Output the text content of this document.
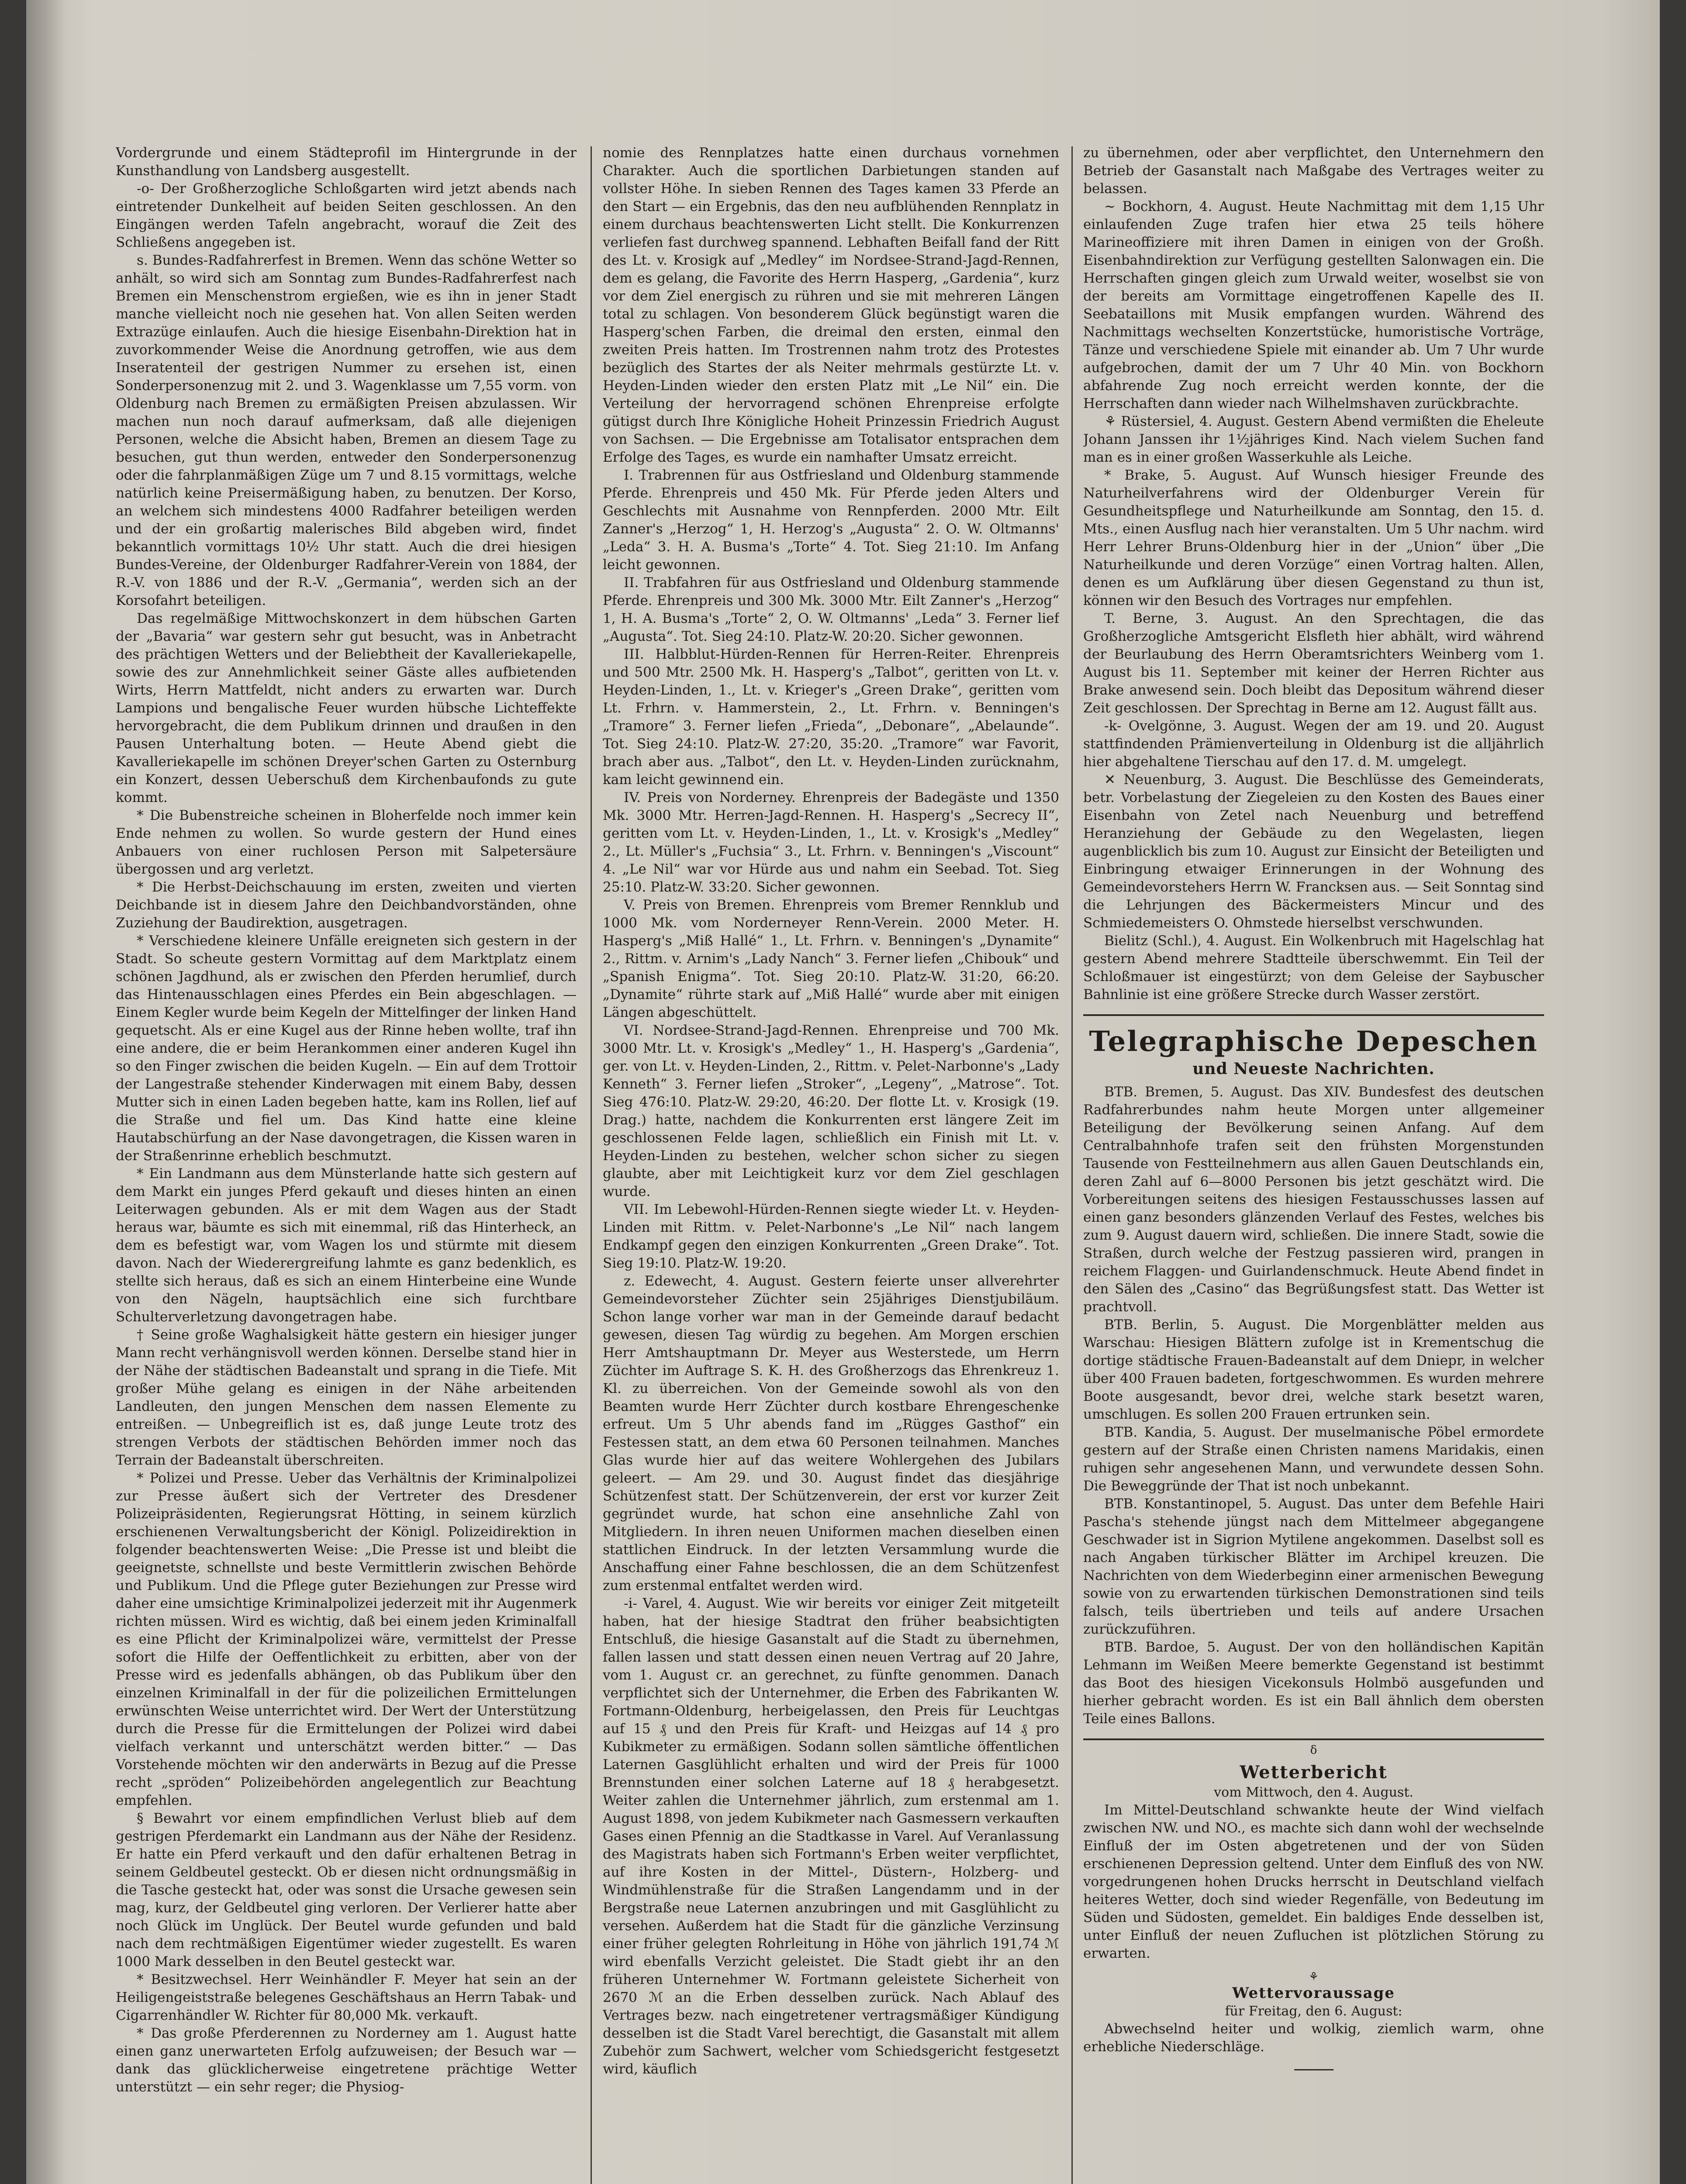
Vordergrunde und einem Städteprofil im Hintergrunde in der Kunsthandlung von Landsberg ausgestellt.

-o- Der Großherzogliche Schloßgarten wird jetzt abends nach eintretender Dunkelheit auf beiden Seiten geschlossen. An den Eingängen werden Tafeln angebracht, worauf die Zeit des Schließens angegeben ist.

s. Bundes-Radfahrerfest in Bremen. Wenn das schöne Wetter so anhält, so wird sich am Sonntag zum Bundes-Radfahrerfest nach Bremen ein Menschenstrom ergießen, wie es ihn in jener Stadt manche vielleicht noch nie gesehen hat. Von allen Seiten werden Extrazüge einlaufen. Auch die hiesige Eisenbahn-Direktion hat in zuvorkommender Weise die Anordnung getroffen, wie aus dem Inseratenteil der gestrigen Nummer zu ersehen ist, einen Sonderpersonenzug mit 2. und 3. Wagenklasse um 7,55 vorm. von Oldenburg nach Bremen zu ermäßigten Preisen abzulassen. Wir machen nun noch darauf aufmerksam, daß alle diejenigen Personen, welche die Absicht haben, Bremen an diesem Tage zu besuchen, gut thun werden, entweder den Sonderpersonenzug oder die fahrplanmäßigen Züge um 7 und 8.15 vormittags, welche natürlich keine Preisermäßigung haben, zu benutzen. Der Korso, an welchem sich mindestens 4000 Radfahrer beteiligen werden und der ein großartig malerisches Bild abgeben wird, findet bekanntlich vormittags 10½ Uhr statt. Auch die drei hiesigen Bundes-Vereine, der Oldenburger Radfahrer-Verein von 1884, der R.-V. von 1886 und der R.-V. „Germania“, werden sich an der Korsofahrt beteiligen.

Das regelmäßige Mittwochskonzert in dem hübschen Garten der „Bavaria“ war gestern sehr gut besucht, was in Anbetracht des prächtigen Wetters und der Beliebtheit der Kavalleriekapelle, sowie des zur Annehmlichkeit seiner Gäste alles aufbietenden Wirts, Herrn Mattfeldt, nicht anders zu erwarten war. Durch Lampions und bengalische Feuer wurden hübsche Lichteffekte hervorgebracht, die dem Publikum drinnen und draußen in den Pausen Unterhaltung boten. — Heute Abend giebt die Kavalleriekapelle im schönen Dreyer'schen Garten zu Osternburg ein Konzert, dessen Ueberschuß dem Kirchenbaufonds zu gute kommt.

* Die Bubenstreiche scheinen in Bloherfelde noch immer kein Ende nehmen zu wollen. So wurde gestern der Hund eines Anbauers von einer ruchlosen Person mit Salpetersäure übergossen und arg verletzt.

* Die Herbst-Deichschauung im ersten, zweiten und vierten Deichbande ist in diesem Jahre den Deichbandvorständen, ohne Zuziehung der Baudirektion, ausgetragen.

* Verschiedene kleinere Unfälle ereigneten sich gestern in der Stadt. So scheute gestern Vormittag auf dem Marktplatz einem schönen Jagdhund, als er zwischen den Pferden herumlief, durch das Hintenausschlagen eines Pferdes ein Bein abgeschlagen. — Einem Kegler wurde beim Kegeln der Mittelfinger der linken Hand gequetscht. Als er eine Kugel aus der Rinne heben wollte, traf ihn eine andere, die er beim Herankommen einer anderen Kugel ihn so den Finger zwischen die beiden Kugeln. — Ein auf dem Trottoir der Langestraße stehender Kinderwagen mit einem Baby, dessen Mutter sich in einen Laden begeben hatte, kam ins Rollen, lief auf die Straße und fiel um. Das Kind hatte eine kleine Hautabschürfung an der Nase davongetragen, die Kissen waren in der Straßenrinne erheblich beschmutzt.

* Ein Landmann aus dem Münsterlande hatte sich gestern auf dem Markt ein junges Pferd gekauft und dieses hinten an einen Leiterwagen gebunden. Als er mit dem Wagen aus der Stadt heraus war, bäumte es sich mit einemmal, riß das Hinterheck, an dem es befestigt war, vom Wagen los und stürmte mit diesem davon. Nach der Wiederergreifung lahmte es ganz bedenklich, es stellte sich heraus, daß es sich an einem Hinterbeine eine Wunde von den Nägeln, hauptsächlich eine sich furchtbare Schulterverletzung davongetragen habe.

† Seine große Waghalsigkeit hätte gestern ein hiesiger junger Mann recht verhängnisvoll werden können. Derselbe stand hier in der Nähe der städtischen Badeanstalt und sprang in die Tiefe. Mit großer Mühe gelang es einigen in der Nähe arbeitenden Landleuten, den jungen Menschen dem nassen Elemente zu entreißen. — Unbegreiflich ist es, daß junge Leute trotz des strengen Verbots der städtischen Behörden immer noch das Terrain der Badeanstalt überschreiten.

* Polizei und Presse. Ueber das Verhältnis der Kriminalpolizei zur Presse äußert sich der Vertreter des Dresdener Polizeipräsidenten, Regierungsrat Hötting, in seinem kürzlich erschienenen Verwaltungsbericht der Königl. Polizeidirektion in folgender beachtenswerten Weise: „Die Presse ist und bleibt die geeignetste, schnellste und beste Vermittlerin zwischen Behörde und Publikum. Und die Pflege guter Beziehungen zur Presse wird daher eine umsichtige Kriminalpolizei jederzeit mit ihr Augenmerk richten müssen. Wird es wichtig, daß bei einem jeden Kriminalfall es eine Pflicht der Kriminalpolizei wäre, vermittelst der Presse sofort die Hilfe der Oeffentlichkeit zu erbitten, aber von der Presse wird es jedenfalls abhängen, ob das Publikum über den einzelnen Kriminalfall in der für die polizeilichen Ermittelungen erwünschten Weise unterrichtet wird. Der Wert der Unterstützung durch die Presse für die Ermittelungen der Polizei wird dabei vielfach verkannt und unterschätzt werden bitter.“ — Das Vorstehende möchten wir den anderwärts in Bezug auf die Presse recht „spröden“ Polizeibehörden angelegentlich zur Beachtung empfehlen.

§ Bewahrt vor einem empfindlichen Verlust blieb auf dem gestrigen Pferdemarkt ein Landmann aus der Nähe der Residenz. Er hatte ein Pferd verkauft und den dafür erhaltenen Betrag in seinem Geldbeutel gesteckt. Ob er diesen nicht ordnungsmäßig in die Tasche gesteckt hat, oder was sonst die Ursache gewesen sein mag, kurz, der Geldbeutel ging verloren. Der Verlierer hatte aber noch Glück im Unglück. Der Beutel wurde gefunden und bald nach dem rechtmäßigen Eigentümer wieder zugestellt. Es waren 1000 Mark desselben in den Beutel gesteckt war.

* Besitzwechsel. Herr Weinhändler F. Meyer hat sein an der Heiligengeiststraße belegenes Geschäftshaus an Herrn Tabak- und Cigarrenhändler W. Richter für 80,000 Mk. verkauft.

* Das große Pferderennen zu Norderney am 1. August hatte einen ganz unerwarteten Erfolg aufzuweisen; der Besuch war — dank das glücklicherweise eingetretene prächtige Wetter unterstützt — ein sehr reger; die Physiog-

nomie des Rennplatzes hatte einen durchaus vornehmen Charakter. Auch die sportlichen Darbietungen standen auf vollster Höhe. In sieben Rennen des Tages kamen 33 Pferde an den Start — ein Ergebnis, das den neu aufblühenden Rennplatz in einem durchaus beachtenswerten Licht stellt. Die Konkurrenzen verliefen fast durchweg spannend. Lebhaften Beifall fand der Ritt des Lt. v. Krosigk auf „Medley“ im Nordsee-Strand-Jagd-Rennen, dem es gelang, die Favorite des Herrn Hasperg, „Gardenia“, kurz vor dem Ziel energisch zu rühren und sie mit mehreren Längen total zu schlagen. Von besonderem Glück begünstigt waren die Hasperg'schen Farben, die dreimal den ersten, einmal den zweiten Preis hatten. Im Trostrennen nahm trotz des Protestes bezüglich des Startes der als Neiter mehrmals gestürzte Lt. v. Heyden-Linden wieder den ersten Platz mit „Le Nil“ ein. Die Verteilung der hervorragend schönen Ehrenpreise erfolgte gütigst durch Ihre Königliche Hoheit Prinzessin Friedrich August von Sachsen. — Die Ergebnisse am Totalisator entsprachen dem Erfolge des Tages, es wurde ein namhafter Umsatz erreicht.

I. Trabrennen für aus Ostfriesland und Oldenburg stammende Pferde. Ehrenpreis und 450 Mk. Für Pferde jeden Alters und Geschlechts mit Ausnahme von Rennpferden. 2000 Mtr. Eilt Zanner's „Herzog“ 1, H. Herzog's „Augusta“ 2. O. W. Oltmanns' „Leda“ 3. H. A. Busma's „Torte“ 4. Tot. Sieg 21:10. Im Anfang leicht gewonnen.

II. Trabfahren für aus Ostfriesland und Oldenburg stammende Pferde. Ehrenpreis und 300 Mk. 3000 Mtr. Eilt Zanner's „Herzog“ 1, H. A. Busma's „Torte“ 2, O. W. Oltmanns' „Leda“ 3. Ferner lief „Augusta“. Tot. Sieg 24:10. Platz-W. 20:20. Sicher gewonnen.

III. Halbblut-Hürden-Rennen für Herren-Reiter. Ehrenpreis und 500 Mtr. 2500 Mk. H. Hasperg's „Talbot“, geritten von Lt. v. Heyden-Linden, 1., Lt. v. Krieger's „Green Drake“, geritten vom Lt. Frhrn. v. Hammerstein, 2., Lt. Frhrn. v. Benningen's „Tramore“ 3. Ferner liefen „Frieda“, „Debonare“, „Abelaunde“. Tot. Sieg 24:10. Platz-W. 27:20, 35:20. „Tramore“ war Favorit, brach aber aus. „Talbot“, den Lt. v. Heyden-Linden zurücknahm, kam leicht gewinnend ein.

IV. Preis von Norderney. Ehrenpreis der Badegäste und 1350 Mk. 3000 Mtr. Herren-Jagd-Rennen. H. Hasperg's „Secrecy II“, geritten vom Lt. v. Heyden-Linden, 1., Lt. v. Krosigk's „Medley“ 2., Lt. Müller's „Fuchsia“ 3., Lt. Frhrn. v. Benningen's „Viscount“ 4. „Le Nil“ war vor Hürde aus und nahm ein Seebad. Tot. Sieg 25:10. Platz-W. 33:20. Sicher gewonnen.

V. Preis von Bremen. Ehrenpreis vom Bremer Rennklub und 1000 Mk. vom Norderneyer Renn-Verein. 2000 Meter. H. Hasperg's „Miß Hallé“ 1., Lt. Frhrn. v. Benningen's „Dynamite“ 2., Rittm. v. Arnim's „Lady Nanch“ 3. Ferner liefen „Chibouk“ und „Spanish Enigma“. Tot. Sieg 20:10. Platz-W. 31:20, 66:20. „Dynamite“ rührte stark auf „Miß Hallé“ wurde aber mit einigen Längen abgeschüttelt.

VI. Nordsee-Strand-Jagd-Rennen. Ehrenpreise und 700 Mk. 3000 Mtr. Lt. v. Krosigk's „Medley“ 1., H. Hasperg's „Gardenia“, ger. von Lt. v. Heyden-Linden, 2., Rittm. v. Pelet-Narbonne's „Lady Kenneth“ 3. Ferner liefen „Stroker“, „Legeny“, „Matrose“. Tot. Sieg 476:10. Platz-W. 29:20, 46:20. Der flotte Lt. v. Krosigk (19. Drag.) hatte, nachdem die Konkurrenten erst längere Zeit im geschlossenen Felde lagen, schließlich ein Finish mit Lt. v. Heyden-Linden zu bestehen, welcher schon sicher zu siegen glaubte, aber mit Leichtigkeit kurz vor dem Ziel geschlagen wurde.

VII. Im Lebewohl-Hürden-Rennen siegte wieder Lt. v. Heyden-Linden mit Rittm. v. Pelet-Narbonne's „Le Nil“ nach langem Endkampf gegen den einzigen Konkurrenten „Green Drake“. Tot. Sieg 19:10. Platz-W. 19:20.

z. Edewecht, 4. August. Gestern feierte unser allverehrter Gemeindevorsteher Züchter sein 25jähriges Dienstjubiläum. Schon lange vorher war man in der Gemeinde darauf bedacht gewesen, diesen Tag würdig zu begehen. Am Morgen erschien Herr Amtshauptmann Dr. Meyer aus Westerstede, um Herrn Züchter im Auftrage S. K. H. des Großherzogs das Ehrenkreuz 1. Kl. zu überreichen. Von der Gemeinde sowohl als von den Beamten wurde Herr Züchter durch kostbare Ehrengeschenke erfreut. Um 5 Uhr abends fand im „Rügges Gasthof“ ein Festessen statt, an dem etwa 60 Personen teilnahmen. Manches Glas wurde hier auf das weitere Wohlergehen des Jubilars geleert. — Am 29. und 30. August findet das diesjährige Schützenfest statt. Der Schützenverein, der erst vor kurzer Zeit gegründet wurde, hat schon eine ansehnliche Zahl von Mitgliedern. In ihren neuen Uniformen machen dieselben einen stattlichen Eindruck. In der letzten Versammlung wurde die Anschaffung einer Fahne beschlossen, die an dem Schützenfest zum erstenmal entfaltet werden wird.

-i- Varel, 4. August. Wie wir bereits vor einiger Zeit mitgeteilt haben, hat der hiesige Stadtrat den früher beabsichtigten Entschluß, die hiesige Gasanstalt auf die Stadt zu übernehmen, fallen lassen und statt dessen einen neuen Vertrag auf 20 Jahre, vom 1. August cr. an gerechnet, zu fünfte genommen. Danach verpflichtet sich der Unternehmer, die Erben des Fabrikanten W. Fortmann-Oldenburg, herbeigelassen, den Preis für Leuchtgas auf 15 ₰ und den Preis für Kraft- und Heizgas auf 14 ₰ pro Kubikmeter zu ermäßigen. Sodann sollen sämtliche öffentlichen Laternen Gasglühlicht erhalten und wird der Preis für 1000 Brennstunden einer solchen Laterne auf 18 ₰ herabgesetzt. Weiter zahlen die Unternehmer jährlich, zum erstenmal am 1. August 1898, von jedem Kubikmeter nach Gasmessern verkauften Gases einen Pfennig an die Stadtkasse in Varel. Auf Veranlassung des Magistrats haben sich Fortmann's Erben weiter verpflichtet, auf ihre Kosten in der Mittel-, Düstern-, Holzberg- und Windmühlenstraße für die Straßen Langendamm und in der Bergstraße neue Laternen anzubringen und mit Gasglühlicht zu versehen. Außerdem hat die Stadt für die gänzliche Verzinsung einer früher gelegten Rohrleitung in Höhe von jährlich 191,74 ℳ wird ebenfalls Verzicht geleistet. Die Stadt giebt ihr an den früheren Unternehmer W. Fortmann geleistete Sicherheit von 2670 ℳ an die Erben desselben zurück. Nach Ablauf des Vertrages bezw. nach eingetretener vertragsmäßiger Kündigung desselben ist die Stadt Varel berechtigt, die Gasanstalt mit allem Zubehör zum Sachwert, welcher vom Schiedsgericht festgesetzt wird, käuflich

zu übernehmen, oder aber verpflichtet, den Unternehmern den Betrieb der Gasanstalt nach Maßgabe des Vertrages weiter zu belassen.

~ Bockhorn, 4. August. Heute Nachmittag mit dem 1,15 Uhr einlaufenden Zuge trafen hier etwa 25 teils höhere Marineoffiziere mit ihren Damen in einigen von der Großh. Eisenbahndirektion zur Verfügung gestellten Salonwagen ein. Die Herrschaften gingen gleich zum Urwald weiter, woselbst sie von der bereits am Vormittage eingetroffenen Kapelle des II. Seebataillons mit Musik empfangen wurden. Während des Nachmittags wechselten Konzertstücke, humoristische Vorträge, Tänze und verschiedene Spiele mit einander ab. Um 7 Uhr wurde aufgebrochen, damit der um 7 Uhr 40 Min. von Bockhorn abfahrende Zug noch erreicht werden konnte, der die Herrschaften dann wieder nach Wilhelmshaven zurückbrachte.

⚘ Rüstersiel, 4. August. Gestern Abend vermißten die Eheleute Johann Janssen ihr 1½jähriges Kind. Nach vielem Suchen fand man es in einer großen Wasserkuhle als Leiche.

* Brake, 5. August. Auf Wunsch hiesiger Freunde des Naturheilverfahrens wird der Oldenburger Verein für Gesundheitspflege und Naturheilkunde am Sonntag, den 15. d. Mts., einen Ausflug nach hier veranstalten. Um 5 Uhr nachm. wird Herr Lehrer Bruns-Oldenburg hier in der „Union“ über „Die Naturheilkunde und deren Vorzüge“ einen Vortrag halten. Allen, denen es um Aufklärung über diesen Gegenstand zu thun ist, können wir den Besuch des Vortrages nur empfehlen.

T. Berne, 3. August. An den Sprechtagen, die das Großherzogliche Amtsgericht Elsfleth hier abhält, wird während der Beurlaubung des Herrn Oberamtsrichters Weinberg vom 1. August bis 11. September mit keiner der Herren Richter aus Brake anwesend sein. Doch bleibt das Depositum während dieser Zeit geschlossen. Der Sprechtag in Berne am 12. August fällt aus.

-k- Ovelgönne, 3. August. Wegen der am 19. und 20. August stattfindenden Prämienverteilung in Oldenburg ist die alljährlich hier abgehaltene Tierschau auf den 17. d. M. umgelegt.

✕ Neuenburg, 3. August. Die Beschlüsse des Gemeinderats, betr. Vorbelastung der Ziegeleien zu den Kosten des Baues einer Eisenbahn von Zetel nach Neuenburg und betreffend Heranziehung der Gebäude zu den Wegelasten, liegen augenblicklich bis zum 10. August zur Einsicht der Beteiligten und Einbringung etwaiger Erinnerungen in der Wohnung des Gemeindevorstehers Herrn W. Francksen aus. — Seit Sonntag sind die Lehrjungen des Bäckermeisters Mincur und des Schmiedemeisters O. Ohmstede hierselbst verschwunden.

Bielitz (Schl.), 4. August. Ein Wolkenbruch mit Hagelschlag hat gestern Abend mehrere Stadtteile überschwemmt. Ein Teil der Schloßmauer ist eingestürzt; von dem Geleise der Saybuscher Bahnlinie ist eine größere Strecke durch Wasser zerstört.

Telegraphische Depeschen
und Neueste Nachrichten.

BTB. Bremen, 5. August. Das XIV. Bundesfest des deutschen Radfahrerbundes nahm heute Morgen unter allgemeiner Beteiligung der Bevölkerung seinen Anfang. Auf dem Centralbahnhofe trafen seit den frühsten Morgenstunden Tausende von Festteilnehmern aus allen Gauen Deutschlands ein, deren Zahl auf 6—8000 Personen bis jetzt geschätzt wird. Die Vorbereitungen seitens des hiesigen Festausschusses lassen auf einen ganz besonders glänzenden Verlauf des Festes, welches bis zum 9. August dauern wird, schließen. Die innere Stadt, sowie die Straßen, durch welche der Festzug passieren wird, prangen in reichem Flaggen- und Guirlandenschmuck. Heute Abend findet in den Sälen des „Casino“ das Begrüßungsfest statt. Das Wetter ist prachtvoll.

BTB. Berlin, 5. August. Die Morgenblätter melden aus Warschau: Hiesigen Blättern zufolge ist in Krementschug die dortige städtische Frauen-Badeanstalt auf dem Dniepr, in welcher über 400 Frauen badeten, fortgeschwommen. Es wurden mehrere Boote ausgesandt, bevor drei, welche stark besetzt waren, umschlugen. Es sollen 200 Frauen ertrunken sein.

BTB. Kandia, 5. August. Der muselmanische Pöbel ermordete gestern auf der Straße einen Christen namens Maridakis, einen ruhigen sehr angesehenen Mann, und verwundete dessen Sohn. Die Beweggründe der That ist noch unbekannt.

BTB. Konstantinopel, 5. August. Das unter dem Befehle Hairi Pascha's stehende jüngst nach dem Mittelmeer abgegangene Geschwader ist in Sigrion Mytilene angekommen. Daselbst soll es nach Angaben türkischer Blätter im Archipel kreuzen. Die Nachrichten von dem Wiederbeginn einer armenischen Bewegung sowie von zu erwartenden türkischen Demonstrationen sind teils falsch, teils übertrieben und teils auf andere Ursachen zurückzuführen.

BTB. Bardoe, 5. August. Der von den holländischen Kapitän Lehmann im Weißen Meere bemerkte Gegenstand ist bestimmt das Boot des hiesigen Vicekonsuls Holmbö ausgefunden und hierher gebracht worden. Es ist ein Ball ähnlich dem obersten Teile eines Ballons.

δ
Wetterbericht
vom Mittwoch, den 4. August.

Im Mittel-Deutschland schwankte heute der Wind vielfach zwischen NW. und NO., es machte sich dann wohl der wechselnde Einfluß der im Osten abgetretenen und der von Süden erschienenen Depression geltend. Unter dem Einfluß des von NW. vorgedrungenen hohen Drucks herrscht in Deutschland vielfach heiteres Wetter, doch sind wieder Regenfälle, von Bedeutung im Süden und Südosten, gemeldet. Ein baldiges Ende desselben ist, unter Einfluß der neuen Zufluchen ist plötzlichen Störung zu erwarten.

⚘
Wettervoraussage
für Freitag, den 6. August:

Abwechselnd heiter und wolkig, ziemlich warm, ohne erhebliche Niederschläge.
